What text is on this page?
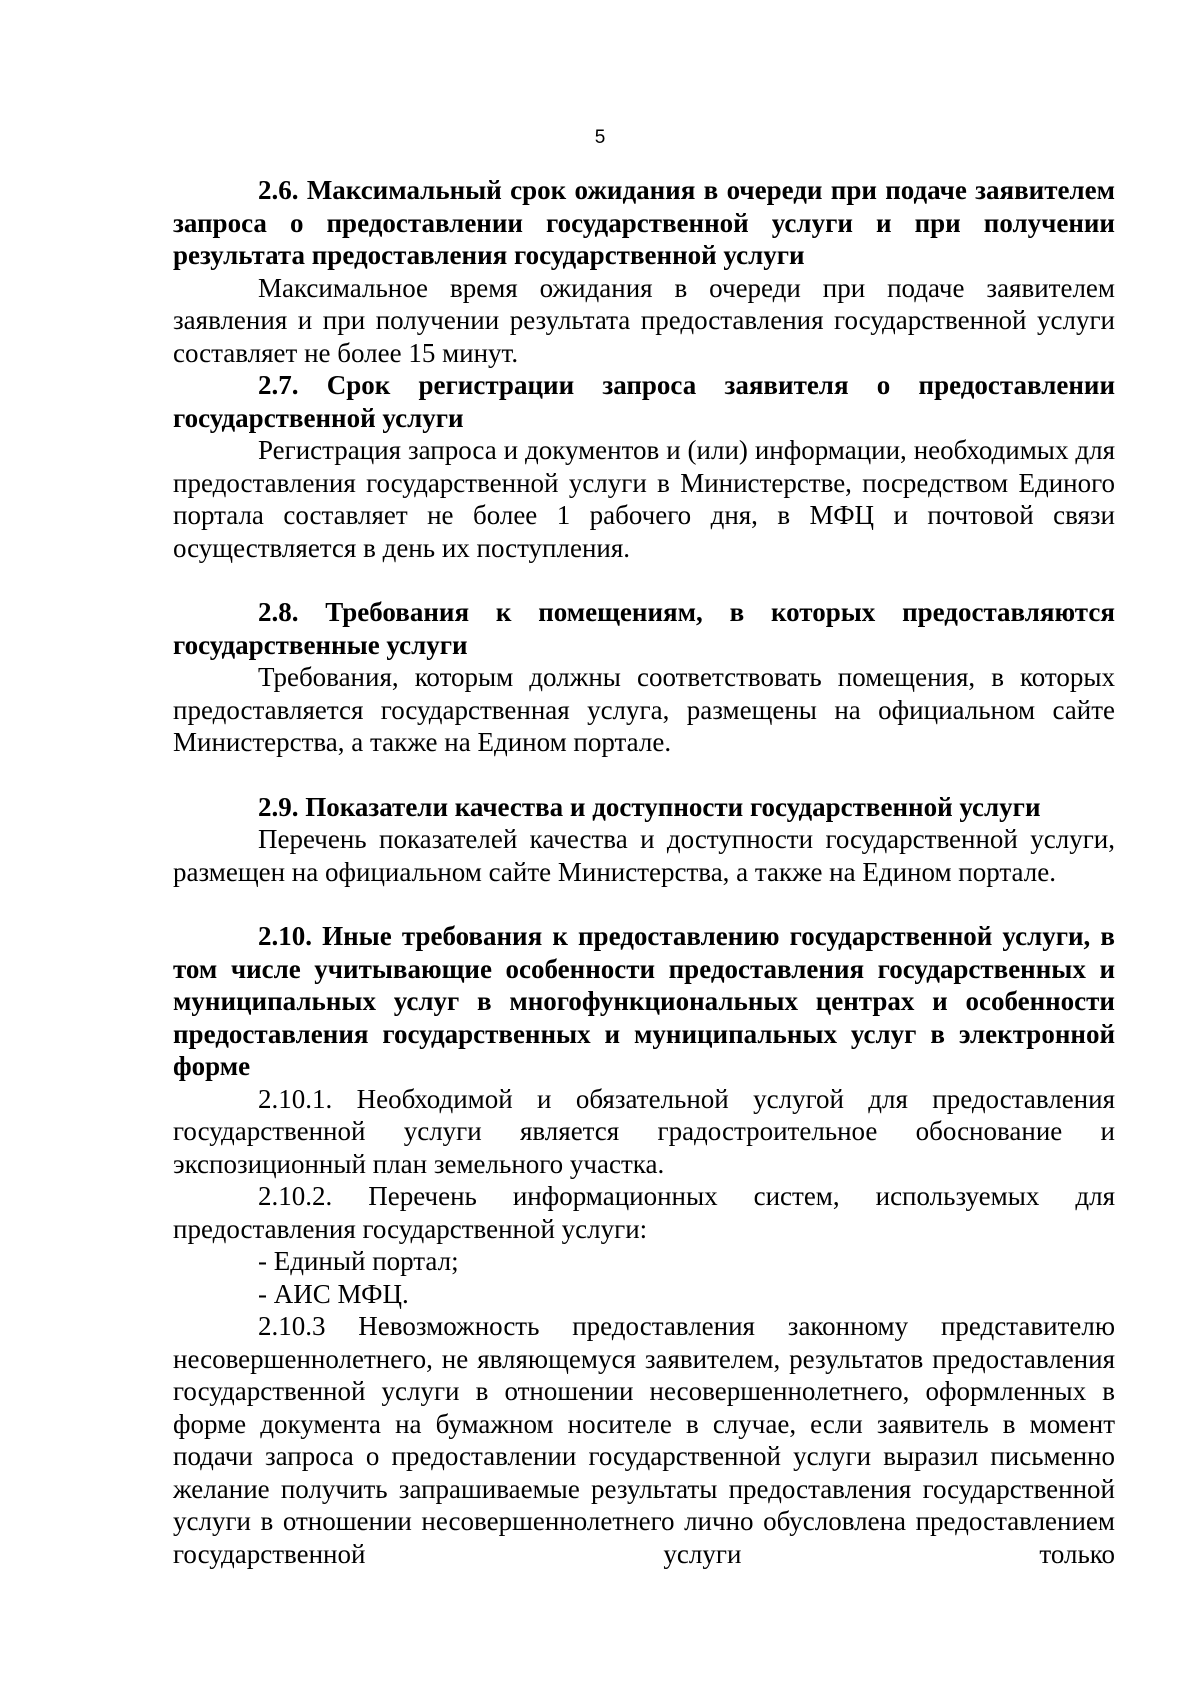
5

2.6. Максимальный срок ожидания в очереди при подаче заявителем запроса о предоставлении государственной услуги и при получении результата предоставления государственной услуги

Максимальное время ожидания в очереди при подаче заявителем заявления и при получении результата предоставления государственной услуги составляет не более 15 минут.

2.7. Срок регистрации запроса заявителя о предоставлении государственной услуги

Регистрация запроса и документов и (или) информации, необходимых для предоставления государственной услуги в Министерстве, посредством Единого портала составляет не более 1 рабочего дня, в МФЦ и почтовой связи осуществляется в день их поступления.

2.8. Требования к помещениям, в которых предоставляются государственные услуги

Требования, которым должны соответствовать помещения, в которых предоставляется государственная услуга, размещены на официальном сайте Министерства, а также на Едином портале.

2.9. Показатели качества и доступности государственной услуги

Перечень показателей качества и доступности государственной услуги, размещен на официальном сайте Министерства, а также на Едином портале.

2.10. Иные требования к предоставлению государственной услуги, в том числе учитывающие особенности предоставления государственных и муниципальных услуг в многофункциональных центрах и особенности предоставления государственных и муниципальных услуг в электронной форме

2.10.1. Необходимой и обязательной услугой для предоставления государственной услуги является градостроительное обоснование и экспозиционный план земельного участка.

2.10.2. Перечень информационных систем, используемых для предоставления государственной услуги:

- Единый портал;

- АИС МФЦ.

2.10.3 Невозможность предоставления законному представителю несовершеннолетнего, не являющемуся заявителем, результатов предоставления государственной услуги в отношении несовершеннолетнего, оформленных в форме документа на бумажном носителе в случае, если заявитель в момент подачи запроса о предоставлении государственной услуги выразил письменно желание получить запрашиваемые результаты предоставления государственной услуги в отношении несовершеннолетнего лично обусловлена предоставлением государственной услуги только
